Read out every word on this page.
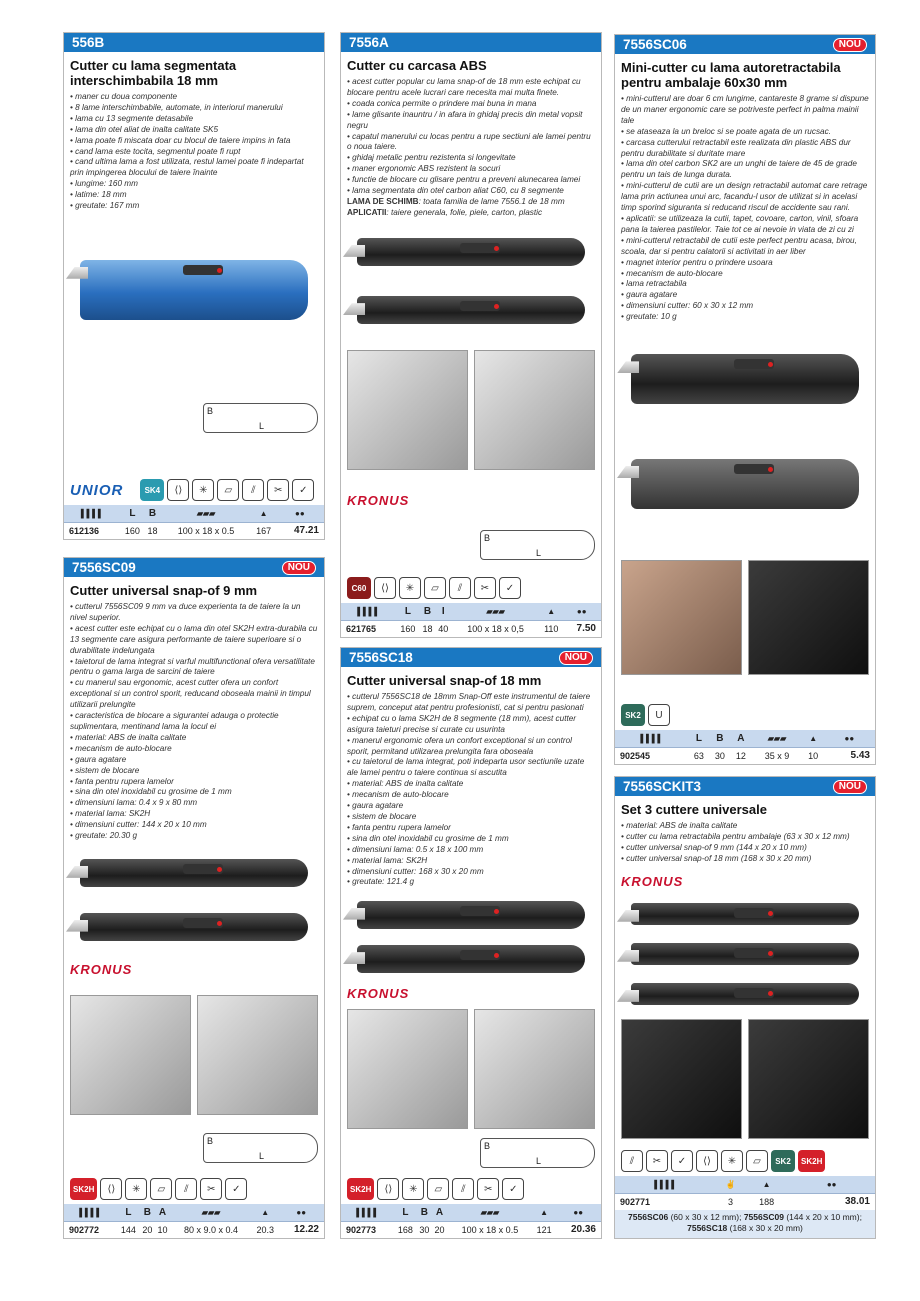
556B
Cutter cu lama segmentata interschimbabila 18 mm
• maner cu doua componente
• 8 lame interschimbabile, automate, in interiorul manerului
• lama cu 13 segmente detasabile
• lama din otel aliat de inalta calitate SK5
• lama poate fi miscata doar cu blocul de taiere impins in fata
• cand lama este tocita, segmentul poate fi rupt
• cand ultima lama a fost utilizata, restul lamei poate fi indepartat prin impingerea blocului de taiere înainte
• lungime: 160 mm
• latime: 18 mm
• greutate: 167 mm
B
L
UNIOR	SK4	⟨⟩	✳	▱	⫽	✂	✓
▌▌▌▌	L	B	▰▰▰	▲	●●
612136	160	18	100 x 18 x 0.5	167	47.21
7556SC09	NOU
Cutter universal snap-of 9 mm
• cutterul 7556SC09 9 mm va duce experienta ta de taiere la un nivel superior.
• acest cutter este echipat cu o lama din otel SK2H extra-durabila cu 13 segmente care asigura performante de taiere superioare si o durabilitate indelungata
• taietorul de lama integrat si varful multifunctional ofera versatilitate pentru o gama larga de sarcini de taiere
• cu manerul sau ergonomic, acest cutter ofera un confort exceptional si un control sporit, reducand oboseala mainii in timpul utilizarii prelungite
• caracteristica de blocare a sigurantei adauga o protectie suplimentara, mentinand lama la locul ei
• material: ABS de inalta calitate
• mecanism de auto-blocare
• gaura agatare
• sistem de blocare
• fanta pentru rupera lamelor
• sina din otel inoxidabil cu grosime de 1 mm
• dimensiuni lama: 0.4 x 9 x 80 mm
• material lama: SK2H
• dimensiuni cutter: 144 x 20 x 10 mm
• greutate: 20.30 g
KRONUS
B
L
SK2H	⟨⟩	✳	▱	⫽	✂	✓
▌▌▌▌	L	B	A	▰▰▰	▲	●●
902772	144	20	10	80 x 9.0 x 0.4	20.3	12.22
7556A
Cutter cu carcasa ABS
• acest cutter popular cu lama snap-of de 18 mm este echipat cu blocare pentru acele lucrari care necesita mai multa finete.
• coada conica permite o prindere mai buna in mana
• lame glisante inauntru / in afara in ghidaj precis din metal vopsit negru
• capatul manerului cu locas pentru a rupe sectiuni ale lamei pentru o noua taiere.
• ghidaj metalic pentru rezistenta si longevitate
• maner ergonomic ABS rezistent la socuri
• functie de blocare cu glisare pentru a preveni alunecarea lamei
• lama segmentata din otel carbon aliat C60, cu 8 segmente
LAMA DE SCHIMB: toata familia de lame 7556.1 de 18 mm
APLICATII: taiere generala, folie, piele, carton, plastic
KRONUS
B
L
C60	⟨⟩	✳	▱	⫽	✂	✓
▌▌▌▌	L	B	I	▰▰▰	▲	●●
621765	160	18	40	100 x 18 x 0,5	110	7.50
7556SC18	NOU
Cutter universal snap-of 18 mm
• cutterul 7556SC18 de 18mm Snap-Off este instrumentul de taiere suprem, conceput atat pentru profesionisti, cat si pentru pasionati
• echipat cu o lama SK2H de 8 segmente (18 mm), acest cutter asigura taieturi precise si curate cu usurinta
• manerul ergonomic ofera un confort exceptional si un control sporit, permitand utilizarea prelungita fara oboseala
• cu taietorul de lama integrat, poti indeparta usor sectiunile uzate ale lamei pentru o taiere continua si ascutita
• material: ABS de inalta calitate
• mecanism de auto-blocare
• gaura agatare
• sistem de blocare
• fanta pentru rupera lamelor
• sina din otel inoxidabil cu grosime de 1 mm
• dimensiuni lama: 0.5 x 18 x 100 mm
• material lama: SK2H
• dimensiuni cutter: 168 x 30 x 20 mm
• greutate: 121.4 g
KRONUS
B
L
SK2H	⟨⟩	✳	▱	⫽	✂	✓
▌▌▌▌	L	B	A	▰▰▰	▲	●●
902773	168	30	20	100 x 18 x 0.5	121	20.36
7556SC06	NOU
Mini-cutter cu lama autoretractabila pentru ambalaje 60x30 mm
• mini-cutterul are doar 6 cm lungime, cantareste 8 grame si dispune de un maner ergonomic care se potriveste perfect in palma mainii tale
• se ataseaza la un breloc si se poate agata de un rucsac.
• carcasa cutterului retractabil este realizata din plastic ABS dur pentru durabilitate si duritate mare
• lama din otel carbon SK2 are un unghi de taiere de 45 de grade pentru un tais de lunga durata.
• mini-cutterul de cutii are un design retractabil automat care retrage lama prin actiunea unui arc, facandu-l usor de utilizat si in acelasi timp sporind siguranta si reducand riscul de accidente sau rani.
• aplicatii: se utilizeaza la cutii, tapet, covoare, carton, vinil, sfoara pana la taierea pastilelor. Taie tot ce ai nevoie in viata de zi cu zi
• mini-cutterul retractabil de cutii este perfect pentru acasa, birou, scoala, dar si pentru calatorii si activitati in aer liber
• magnet interior pentru o prindere usoara
• mecanism de auto-blocare
• lama retractabila
• gaura agatare
• dimensiuni cutter: 60 x 30 x 12 mm
• greutate: 10 g
SK2	U
▌▌▌▌	L	B	A	▰▰▰	▲	●●
902545	63	30	12	35 x 9	10	5.43
7556SCKIT3	NOU
Set 3 cuttere universale
• material: ABS de inalta calitate
• cutter cu lama retractabila pentru ambalaje (63 x 30 x 12 mm)
• cutter universal snap-of 9 mm (144 x 20 x 10 mm)
• cutter universal snap-of 18 mm (168 x 30 x 20 mm)
KRONUS
⫽	✂	✓	⟨⟩	✳	▱	SK2	SK2H
▌▌▌▌	✌	▲	●●
902771	3	188	38.01
7556SC06 (60 x 30 x 12 mm); 7556SC09 (144 x 20 x 10 mm); 7556SC18 (168 x 30 x 20 mm)
